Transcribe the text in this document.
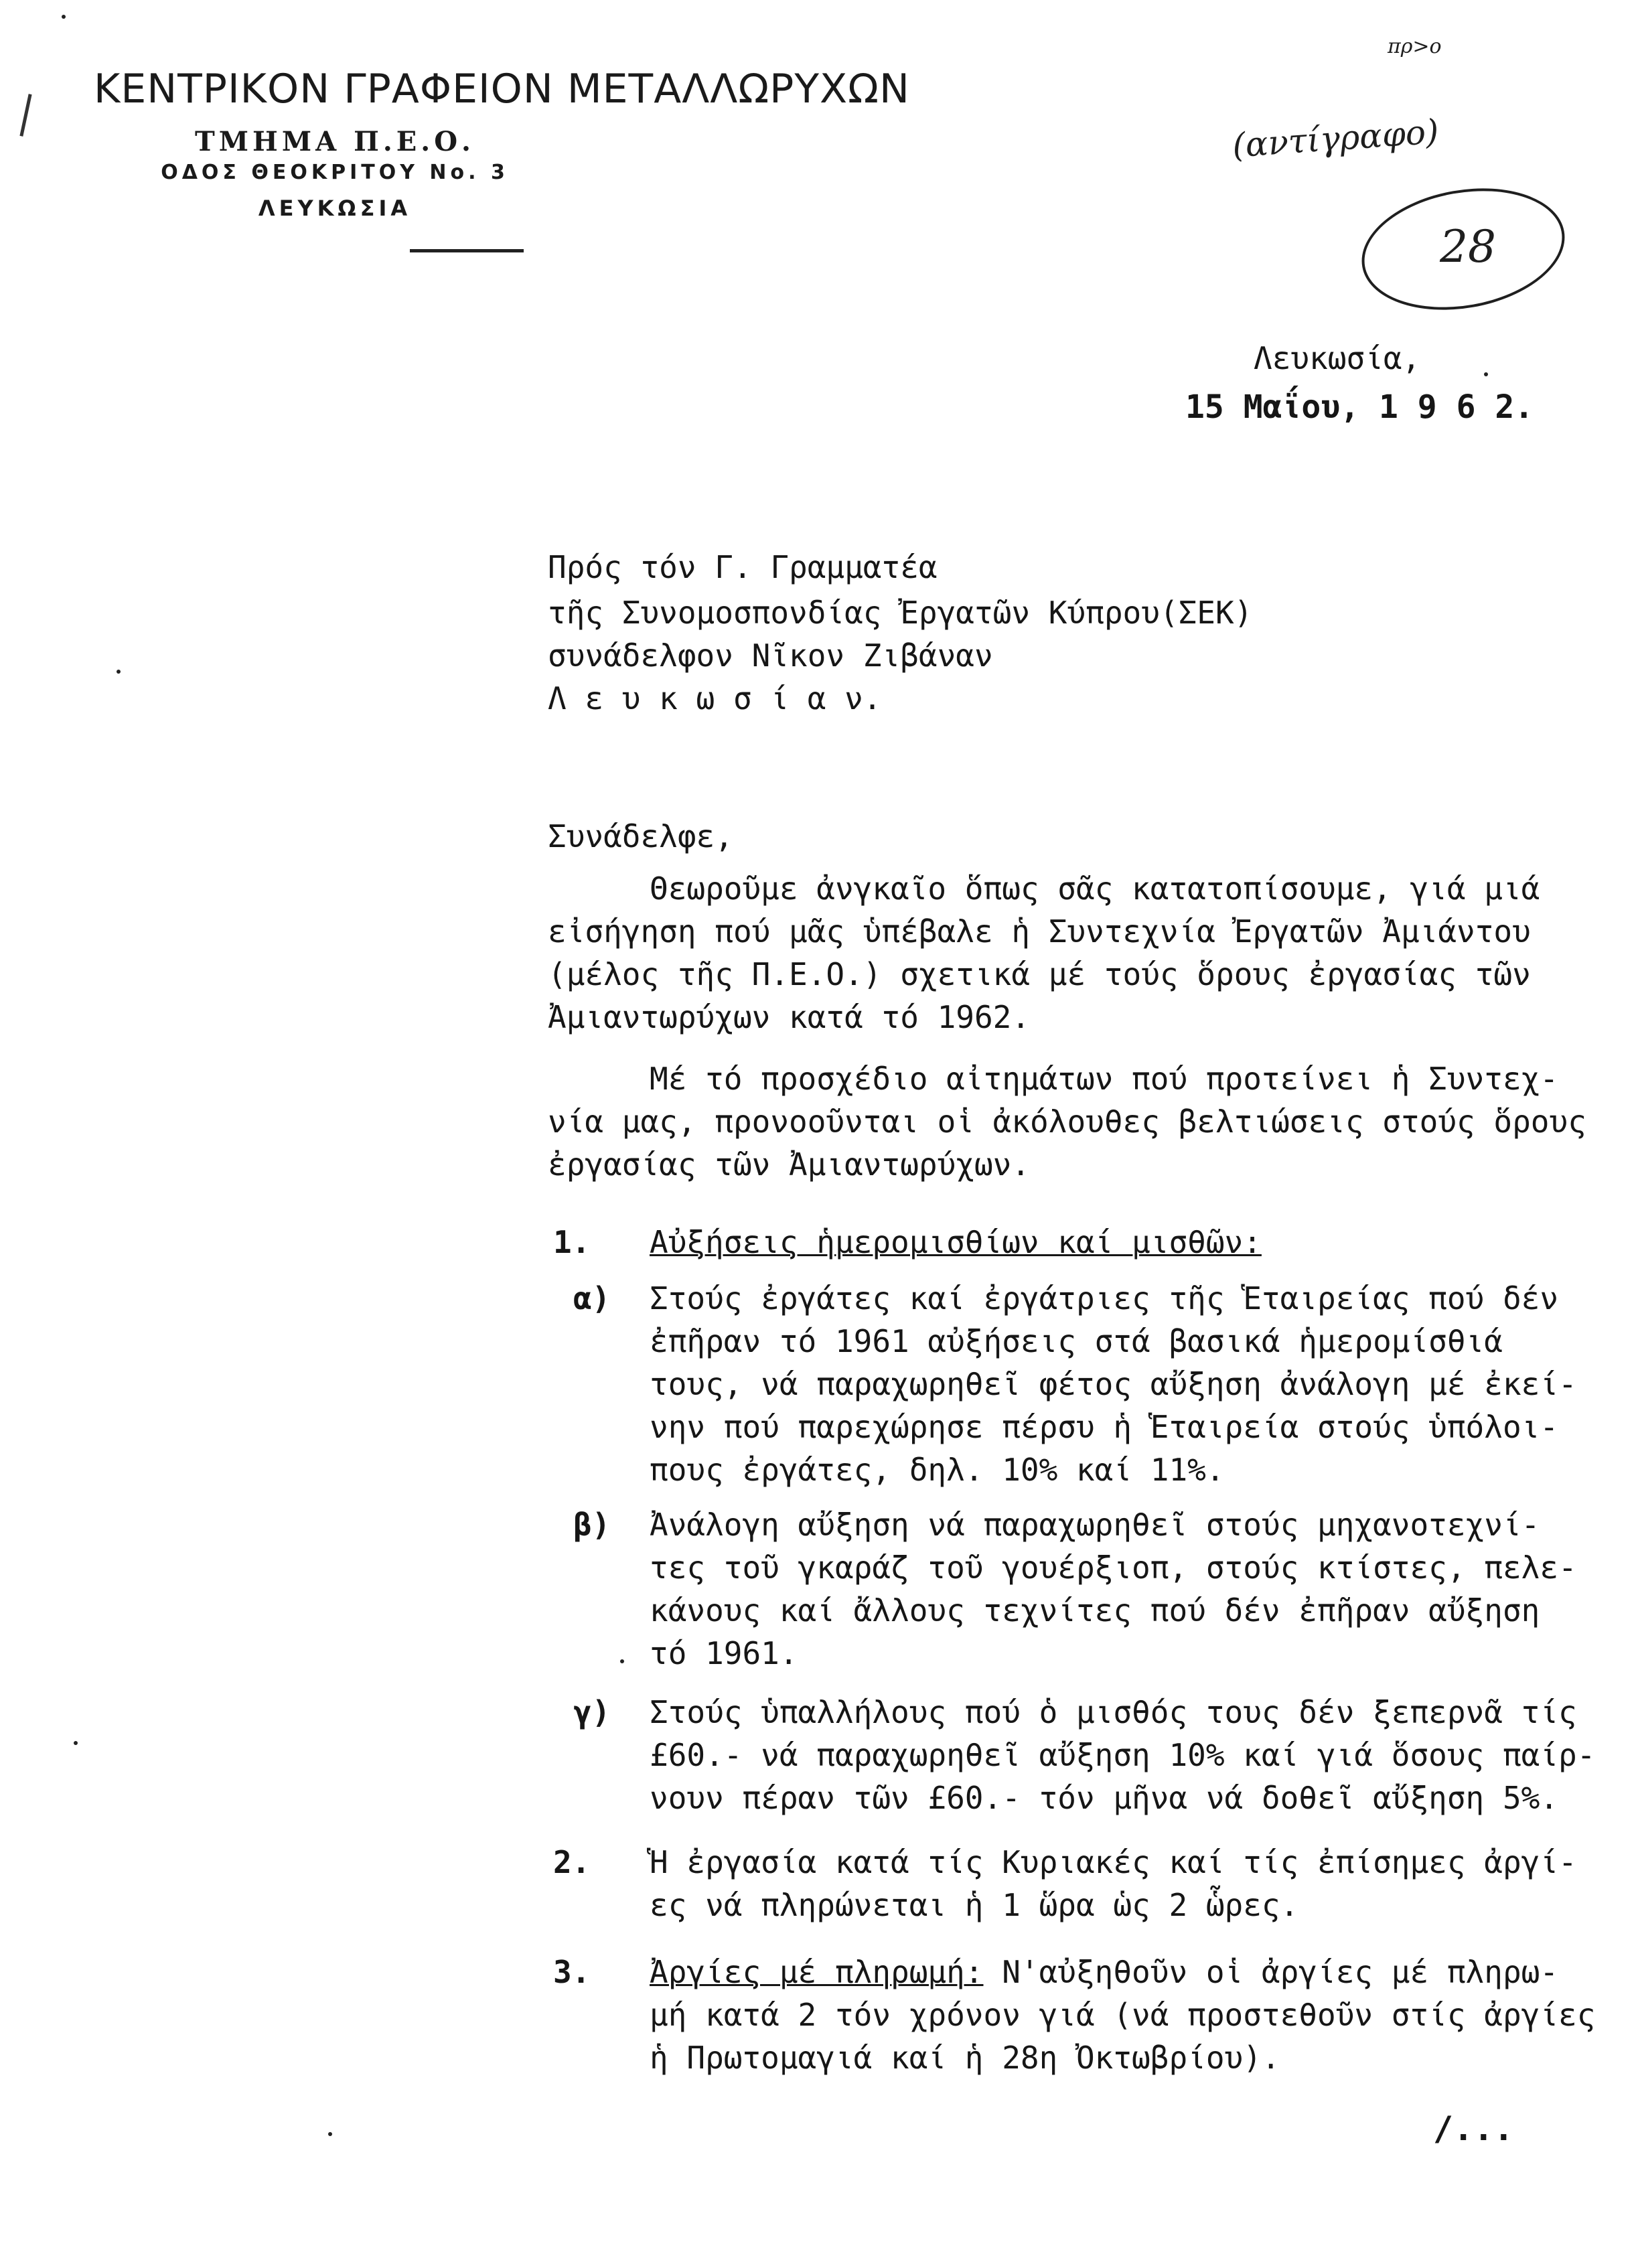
ΚΕΝΤΡΙΚΟΝ ΓΡΑΦΕΙΟΝ ΜΕΤΑΛΛΩΡΥΧΩΝ
ΤΜΗΜΑ Π.Ε.Ο.
ΟΔΟΣ ΘΕΟΚΡΙΤΟΥ Νο. 3
ΛΕΥΚΩΣΙΑ
πρ>ο
(αντίγραφο)
28
Λευκωσία,
15 Μαΐου, 1 9 6 2.
Πρός τόν Γ. Γραμματέα
τῆς Συνομοσπονδίας Ἐργατῶν Κύπρου(ΣΕΚ)
συνάδελφον Νῖκον Ζιβάναν
Λ ε υ κ ω σ ί α ν.
Συνάδελφε,
Θεωροῦμε ἀνγκαῖο ὅπως σᾶς κατατοπίσουμε, γιά μιά
εἰσήγηση πού μᾶς ὑπέβαλε ἡ Συντεχνία Ἐργατῶν Ἀμιάντου
(μέλος τῆς Π.Ε.Ο.) σχετικά μέ τούς ὅρους ἐργασίας τῶν
Ἀμιαντωρύχων κατά τό 1962.
Μέ τό προσχέδιο αἰτημάτων πού προτείνει ἡ Συντεχ-
νία μας, προνοοῦνται οἱ ἀκόλουθες βελτιώσεις στούς ὅρους
ἐργασίας τῶν Ἀμιαντωρύχων.
1. Αὐξήσεις ἡμερομισθίων καί μισθῶν:
α) Στούς ἐργάτες καί ἐργάτριες τῆς Ἑταιρείας πού δέν
ἐπῆραν τό 1961 αὐξήσεις στά βασικά ἡμερομίσθιά
τους, νά παραχωρηθεῖ φέτος αὔξηση ἀνάλογη μέ ἐκεί-
νην πού παρεχώρησε πέρσυ ἡ Ἑταιρεία στούς ὑπόλοι-
πους ἐργάτες, δηλ. 10% καί 11%.
β) Ἀνάλογη αὔξηση νά παραχωρηθεῖ στούς μηχανοτεχνί-
τες τοῦ γκαράζ τοῦ γουέρξιοπ, στούς κτίστες, πελε-
κάνους καί ἄλλους τεχνίτες πού δέν ἐπῆραν αὔξηση
τό 1961.
γ) Στούς ὑπαλλήλους πού ὁ μισθός τους δέν ξεπερνᾶ τίς
£60.- νά παραχωρηθεῖ αὔξηση 10% καί γιά ὅσους παίρ-
νουν πέραν τῶν £60.- τόν μῆνα νά δοθεῖ αὔξηση 5%.
2. Ἡ ἐργασία κατά τίς Κυριακές καί τίς ἐπίσημες ἀργί-
ες νά πληρώνεται ἡ 1 ὥρα ὡς 2 ὧρες.
3. Ἀργίες μέ πληρωμή: Ν'αὐξηθοῦν οἱ ἀργίες μέ πληρω-
μή κατά 2 τόν χρόνον γιά (νά προστεθοῦν στίς ἀργίες
ἡ Πρωτομαγιά καί ἡ 28η Ὀκτωβρίου).
/...
